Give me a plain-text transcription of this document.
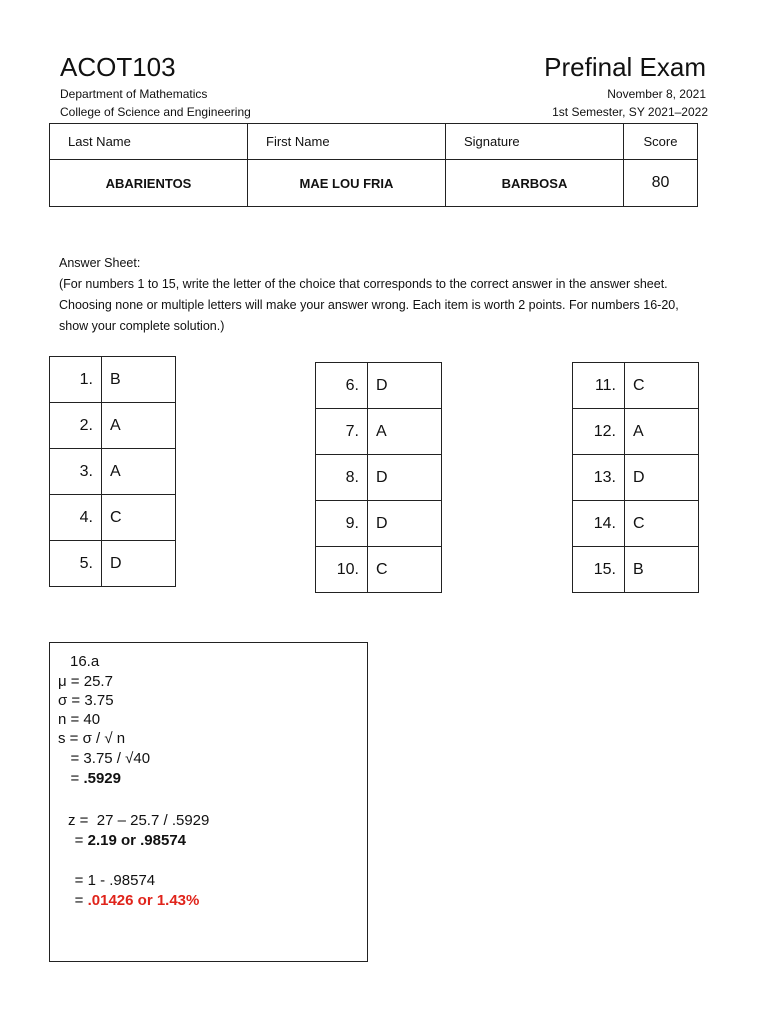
ACOT103	Prefinal Exam
Department of Mathematics
College of Science and Engineering
November 8, 2021
1st Semester, SY 2021–2022
Last Name	First Name	Signature	Score
ABARIENTOS	MAE LOU FRIA	BARBOSA	80
Answer Sheet:
(For numbers 1 to 15, write the letter of the choice that corresponds to the correct answer in the answer sheet. Choosing none or multiple letters will make your answer wrong. Each item is worth 2 points. For numbers 16-20, show your complete solution.)
1.	B
2.	A
3.	A
4.	C
5.	D
6.	D
7.	A
8.	D
9.	D
10.	C
11.	C
12.	A
13.	D
14.	C
15.	B
16.a
μ = 25.7
σ = 3.75
n = 40
s = σ / √ n
= 3.75 / √40
= .5929
z =  27 – 25.7 / .5929
= 2.19 or .98574
= 1 - .98574
= .01426 or 1.43%
